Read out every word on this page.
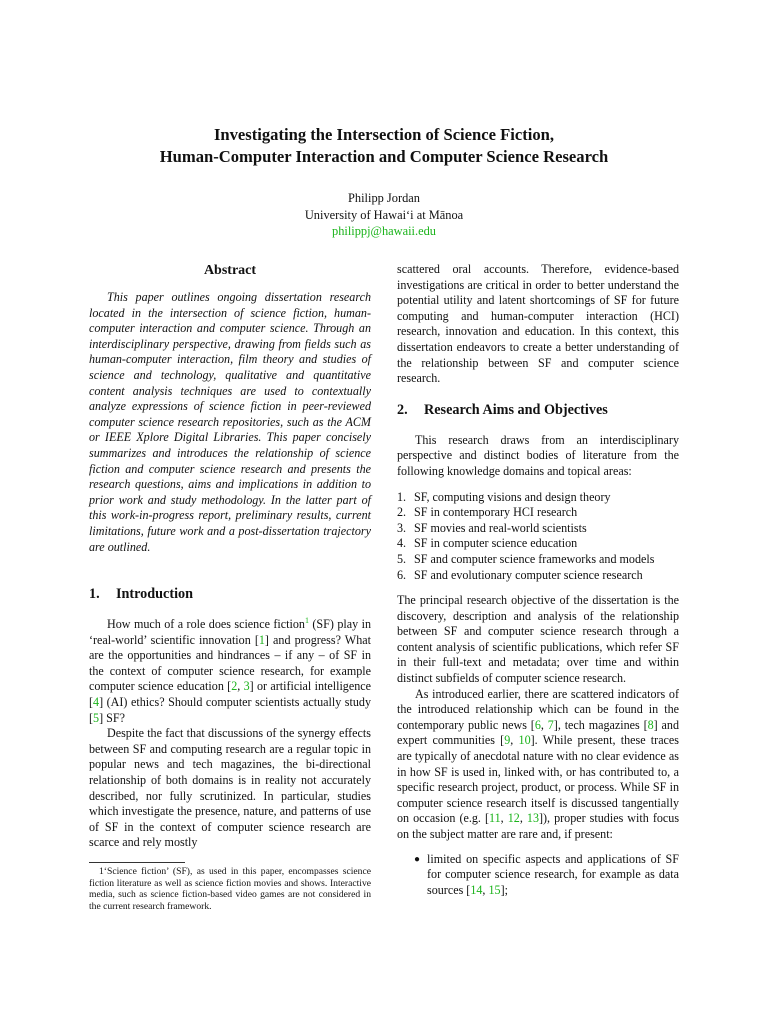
Investigating the Intersection of Science Fiction,
Human-Computer Interaction and Computer Science Research
Philipp Jordan
University of Hawaiʻi at Mānoa
philippj@hawaii.edu
Abstract

This paper outlines ongoing dissertation research located in the intersection of science fiction, human-computer interaction and computer science. Through an interdisciplinary perspective, drawing from fields such as human-computer interaction, film theory and studies of science and technology, qualitative and quantitative content analysis techniques are used to contextually analyze expressions of science fiction in peer-reviewed computer science research repositories, such as the ACM or IEEE Xplore Digital Libraries. This paper concisely summarizes and introduces the relationship of science fiction and computer science research and presents the research questions, aims and implications in addition to prior work and study methodology. In the latter part of this work-in-progress report, preliminary results, current limitations, future work and a post-dissertation trajectory are outlined.

1. Introduction

How much of a role does science fiction$^1$ (SF) play in ‘real-world’ scientific innovation [1] and progress? What are the opportunities and hindrances – if any – of SF in the context of computer science research, for example computer science education [2, 3] or artificial intelligence [4] (AI) ethics? Should computer scientists actually study [5] SF?

Despite the fact that discussions of the synergy effects between SF and computing research are a regular topic in popular news and tech magazines, the bi-directional relationship of both domains is in reality not accurately described, nor fully scrutinized. In particular, studies which investigate the presence, nature, and patterns of use of SF in the context of computer science research are scarce and rely mostly

1‘Science fiction’ (SF), as used in this paper, encompasses science fiction literature as well as science fiction movies and shows. Interactive media, such as science fiction-based video games are not considered in the current research framework.

scattered oral accounts. Therefore, evidence-based investigations are critical in order to better understand the potential utility and latent shortcomings of SF for future computing and human-computer interaction (HCI) research, innovation and education. In this context, this dissertation endeavors to create a better understanding of the relationship between SF and computer science research.

2. Research Aims and Objectives

This research draws from an interdisciplinary perspective and distinct bodies of literature from the following knowledge domains and topical areas:

1. SF, computing visions and design theory
2. SF in contemporary HCI research
3. SF movies and real-world scientists
4. SF in computer science education
5. SF and computer science frameworks and models
6. SF and evolutionary computer science research

The principal research objective of the dissertation is the discovery, description and analysis of the relationship between SF and computer science research through a content analysis of scientific publications, which refer SF in their full-text and metadata; over time and within distinct subfields of computer science research.

As introduced earlier, there are scattered indicators of the introduced relationship which can be found in the contemporary public news [6, 7], tech magazines [8] and expert communities [9, 10]. While present, these traces are typically of anecdotal nature with no clear evidence as in how SF is used in, linked with, or has contributed to, a specific research project, product, or process. While SF in computer science research itself is discussed tangentially on occasion (e.g. [11, 12, 13]), proper studies with focus on the subject matter are rare and, if present:

● limited on specific aspects and applications of SF for computer science research, for example as data sources [14, 15];
